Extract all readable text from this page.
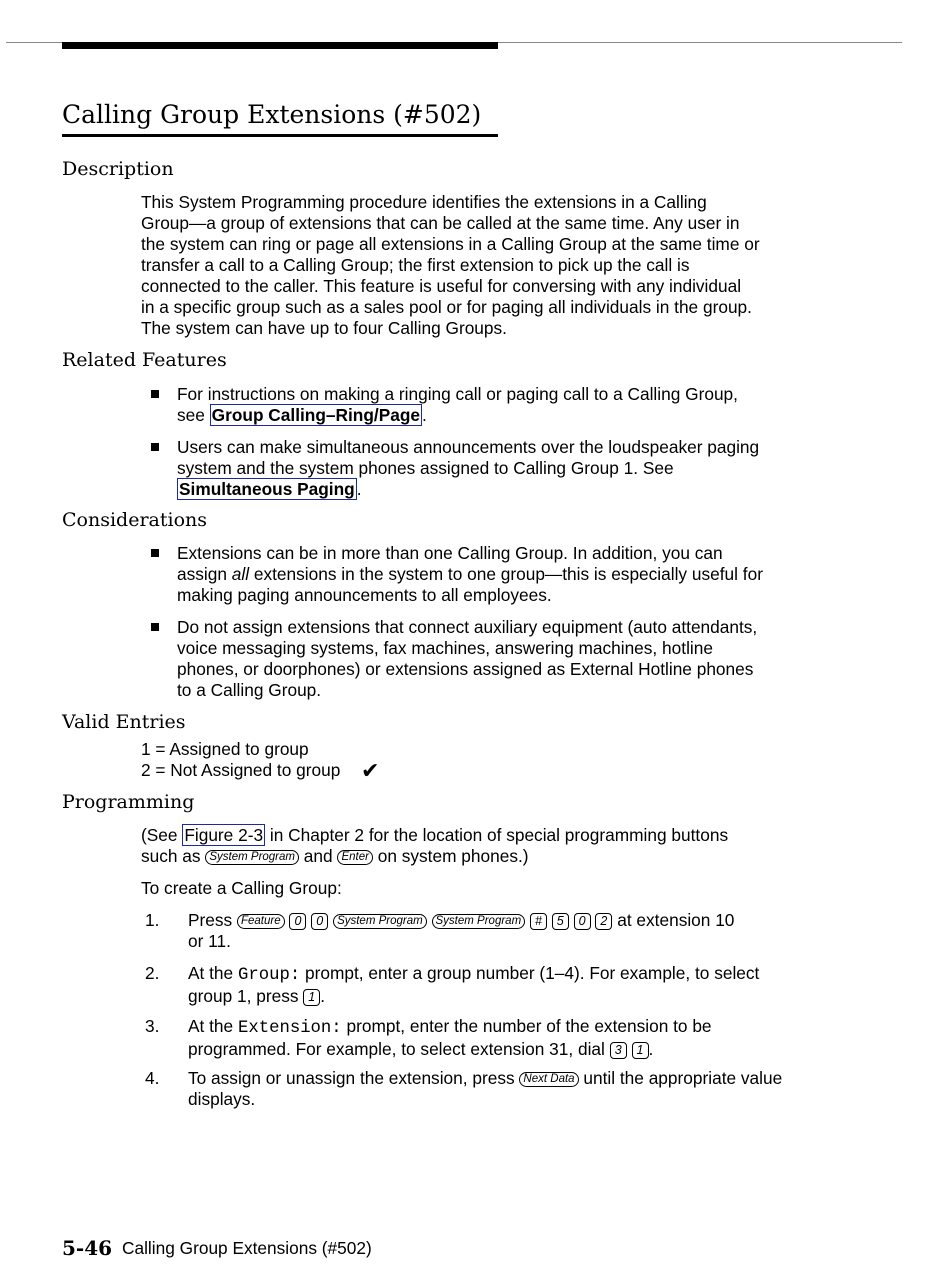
Calling Group Extensions (#502)
Description
This System Programming procedure identifies the extensions in a Calling
Group—a group of extensions that can be called at the same time. Any user in
the system can ring or page all extensions in a Calling Group at the same time or
transfer a call to a Calling Group; the first extension to pick up the call is
connected to the caller. This feature is useful for conversing with any individual
in a specific group such as a sales pool or for paging all individuals in the group.
The system can have up to four Calling Groups.
Related Features
For instructions on making a ringing call or paging call to a Calling Group,
see Group Calling–Ring/Page .
Users can make simultaneous announcements over the loudspeaker paging
system and the system phones assigned to Calling Group 1. See
Simultaneous Paging .
Considerations
Extensions can be in more than one Calling Group. In addition, you can
assign all extensions in the system to one group—this is especially useful for
making paging announcements to all employees.
Do not assign extensions that connect auxiliary equipment (auto attendants,
voice messaging systems, fax machines, answering machines, hotline
phones, or doorphones) or extensions assigned as External Hotline phones
to a Calling Group.
Valid Entries
1 = Assigned to group
2 = Not Assigned to group ✔
Programming
(See Figure 2-3 in Chapter 2 for the location of special programming buttons
such as System Program and Enter on system phones.)
To create a Calling Group:
1. Press Feature 0 0 System Program System Program # 5 0 2 at extension 10
or 11.
2. At the Group: prompt, enter a group number (1–4). For example, to select
group 1, press 1 .
3. At the Extension: prompt, enter the number of the extension to be
programmed. For example, to select extension 31, dial 3 1 .
4. To assign or unassign the extension, press Next Data until the appropriate value
displays.
5-46 Calling Group Extensions (#502)
